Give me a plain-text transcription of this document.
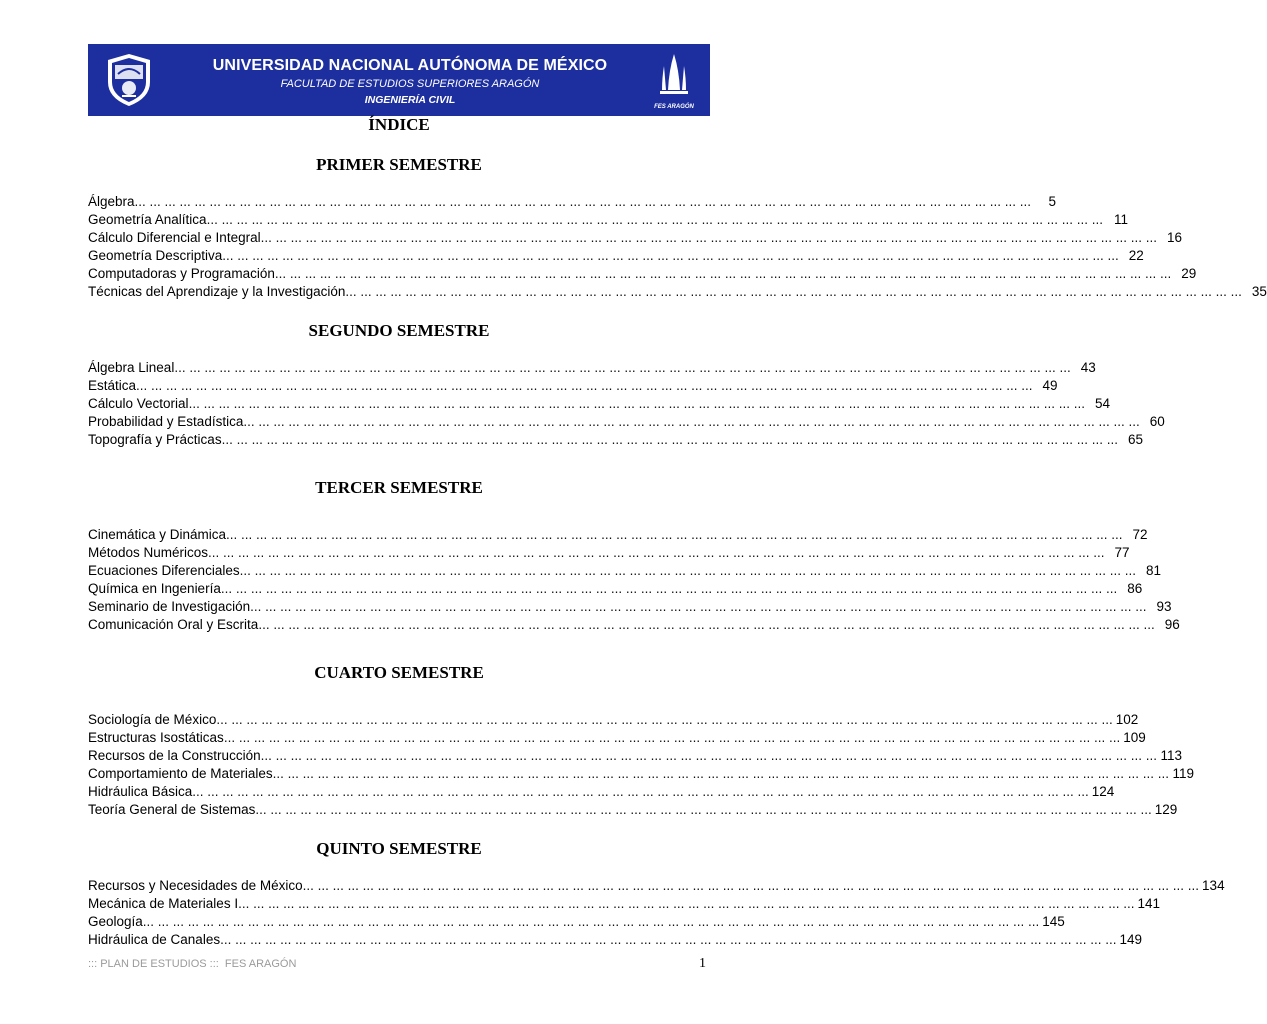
UNIVERSIDAD NACIONAL AUTÓNOMA DE MÉXICO
FACULTAD DE ESTUDIOS SUPERIORES ARAGÓN
INGENIERÍA CIVIL
FES ARAGÓN
ÍNDICE
PRIMER SEMESTRE
SEGUNDO SEMESTRE
TERCER SEMESTRE
CUARTO SEMESTRE
QUINTO SEMESTRE
Álgebra ... ... ... ... ... ... ... ... ... ... ... ... ... ... ... ... ... ... ... ... ... ... ... ... ... ... ... ... ... ... ... ... ... ... ... ... ... ... ... ... ... ... ... ... ... ... ... ... ... ... ... ... ... ... ... ... ... ... ... ...	5
Geometría Analítica ... ... ... ... ... ... ... ... ... ... ... ... ... ... ... ... ... ... ... ... ... ... ... ... ... ... ... ... ... ... ... ... ... ... ... ... ... ... ... ... ... ... ... ... ... ... ... ... ... ... ... ... ... ... ... ... ... ... ... ... 11
Cálculo Diferencial e Integral ... ... ... ... ... ... ... ... ... ... ... ... ... ... ... ... ... ... ... ... ... ... ... ... ... ... ... ... ... ... ... ... ... ... ... ... ... ... ... ... ... ... ... ... ... ... ... ... ... ... ... ... ... ... ... ... ... ... ... ... 16
Geometría Descriptiva ... ... ... ... ... ... ... ... ... ... ... ... ... ... ... ... ... ... ... ... ... ... ... ... ... ... ... ... ... ... ... ... ... ... ... ... ... ... ... ... ... ... ... ... ... ... ... ... ... ... ... ... ... ... ... ... ... ... ... ... 22
Computadoras y Programación ... ... ... ... ... ... ... ... ... ... ... ... ... ... ... ... ... ... ... ... ... ... ... ... ... ... ... ... ... ... ... ... ... ... ... ... ... ... ... ... ... ... ... ... ... ... ... ... ... ... ... ... ... ... ... ... ... ... ... ... 29
Técnicas del Aprendizaje y la Investigación ... ... ... ... ... ... ... ... ... ... ... ... ... ... ... ... ... ... ... ... ... ... ... ... ... ... ... ... ... ... ... ... ... ... ... ... ... ... ... ... ... ... ... ... ... ... ... ... ... ... ... ... ... ... ... ... ... ... ... ... 35
Álgebra Lineal ... ... ... ... ... ... ... ... ... ... ... ... ... ... ... ... ... ... ... ... ... ... ... ... ... ... ... ... ... ... ... ... ... ... ... ... ... ... ... ... ... ... ... ... ... ... ... ... ... ... ... ... ... ... ... ... ... ... ... ... 43
Estática ... ... ... ... ... ... ... ... ... ... ... ... ... ... ... ... ... ... ... ... ... ... ... ... ... ... ... ... ... ... ... ... ... ... ... ... ... ... ... ... ... ... ... ... ... ... ... ... ... ... ... ... ... ... ... ... ... ... ... ... 49
Cálculo Vectorial ... ... ... ... ... ... ... ... ... ... ... ... ... ... ... ... ... ... ... ... ... ... ... ... ... ... ... ... ... ... ... ... ... ... ... ... ... ... ... ... ... ... ... ... ... ... ... ... ... ... ... ... ... ... ... ... ... ... ... ... 54
Probabilidad y Estadística ... ... ... ... ... ... ... ... ... ... ... ... ... ... ... ... ... ... ... ... ... ... ... ... ... ... ... ... ... ... ... ... ... ... ... ... ... ... ... ... ... ... ... ... ... ... ... ... ... ... ... ... ... ... ... ... ... ... ... ... 60
Topografía y Prácticas ... ... ... ... ... ... ... ... ... ... ... ... ... ... ... ... ... ... ... ... ... ... ... ... ... ... ... ... ... ... ... ... ... ... ... ... ... ... ... ... ... ... ... ... ... ... ... ... ... ... ... ... ... ... ... ... ... ... ... ... 65
Cinemática y Dinámica ... ... ... ... ... ... ... ... ... ... ... ... ... ... ... ... ... ... ... ... ... ... ... ... ... ... ... ... ... ... ... ... ... ... ... ... ... ... ... ... ... ... ... ... ... ... ... ... ... ... ... ... ... ... ... ... ... ... ... ... 72
Métodos Numéricos ... ... ... ... ... ... ... ... ... ... ... ... ... ... ... ... ... ... ... ... ... ... ... ... ... ... ... ... ... ... ... ... ... ... ... ... ... ... ... ... ... ... ... ... ... ... ... ... ... ... ... ... ... ... ... ... ... ... ... ... 77
Ecuaciones Diferenciales ... ... ... ... ... ... ... ... ... ... ... ... ... ... ... ... ... ... ... ... ... ... ... ... ... ... ... ... ... ... ... ... ... ... ... ... ... ... ... ... ... ... ... ... ... ... ... ... ... ... ... ... ... ... ... ... ... ... ... ... 81
Química en Ingeniería ... ... ... ... ... ... ... ... ... ... ... ... ... ... ... ... ... ... ... ... ... ... ... ... ... ... ... ... ... ... ... ... ... ... ... ... ... ... ... ... ... ... ... ... ... ... ... ... ... ... ... ... ... ... ... ... ... ... ... ... 86
Seminario de Investigación ... ... ... ... ... ... ... ... ... ... ... ... ... ... ... ... ... ... ... ... ... ... ... ... ... ... ... ... ... ... ... ... ... ... ... ... ... ... ... ... ... ... ... ... ... ... ... ... ... ... ... ... ... ... ... ... ... ... ... ... 93
Comunicación Oral y Escrita ... ... ... ... ... ... ... ... ... ... ... ... ... ... ... ... ... ... ... ... ... ... ... ... ... ... ... ... ... ... ... ... ... ... ... ... ... ... ... ... ... ... ... ... ... ... ... ... ... ... ... ... ... ... ... ... ... ... ... ... 96
Sociología de México ... ... ... ... ... ... ... ... ... ... ... ... ... ... ... ... ... ... ... ... ... ... ... ... ... ... ... ... ... ... ... ... ... ... ... ... ... ... ... ... ... ... ... ... ... ... ... ... ... ... ... ... ... ... ... ... ... ... ... ... 102
Estructuras Isostáticas ... ... ... ... ... ... ... ... ... ... ... ... ... ... ... ... ... ... ... ... ... ... ... ... ... ... ... ... ... ... ... ... ... ... ... ... ... ... ... ... ... ... ... ... ... ... ... ... ... ... ... ... ... ... ... ... ... ... ... ... 109
Recursos de la Construcción ... ... ... ... ... ... ... ... ... ... ... ... ... ... ... ... ... ... ... ... ... ... ... ... ... ... ... ... ... ... ... ... ... ... ... ... ... ... ... ... ... ... ... ... ... ... ... ... ... ... ... ... ... ... ... ... ... ... ... ... 113
Comportamiento de Materiales ... ... ... ... ... ... ... ... ... ... ... ... ... ... ... ... ... ... ... ... ... ... ... ... ... ... ... ... ... ... ... ... ... ... ... ... ... ... ... ... ... ... ... ... ... ... ... ... ... ... ... ... ... ... ... ... ... ... ... ... 119
Hidráulica Básica ... ... ... ... ... ... ... ... ... ... ... ... ... ... ... ... ... ... ... ... ... ... ... ... ... ... ... ... ... ... ... ... ... ... ... ... ... ... ... ... ... ... ... ... ... ... ... ... ... ... ... ... ... ... ... ... ... ... ... ... 124
Teoría General de Sistemas ... ... ... ... ... ... ... ... ... ... ... ... ... ... ... ... ... ... ... ... ... ... ... ... ... ... ... ... ... ... ... ... ... ... ... ... ... ... ... ... ... ... ... ... ... ... ... ... ... ... ... ... ... ... ... ... ... ... ... ... 129
Recursos y Necesidades de México ... ... ... ... ... ... ... ... ... ... ... ... ... ... ... ... ... ... ... ... ... ... ... ... ... ... ... ... ... ... ... ... ... ... ... ... ... ... ... ... ... ... ... ... ... ... ... ... ... ... ... ... ... ... ... ... ... ... ... ... 134
Mecánica de Materiales I ... ... ... ... ... ... ... ... ... ... ... ... ... ... ... ... ... ... ... ... ... ... ... ... ... ... ... ... ... ... ... ... ... ... ... ... ... ... ... ... ... ... ... ... ... ... ... ... ... ... ... ... ... ... ... ... ... ... ... ... 141
Geología ... ... ... ... ... ... ... ... ... ... ... ... ... ... ... ... ... ... ... ... ... ... ... ... ... ... ... ... ... ... ... ... ... ... ... ... ... ... ... ... ... ... ... ... ... ... ... ... ... ... ... ... ... ... ... ... ... ... ... ... 145
Hidráulica de Canales ... ... ... ... ... ... ... ... ... ... ... ... ... ... ... ... ... ... ... ... ... ... ... ... ... ... ... ... ... ... ... ... ... ... ... ... ... ... ... ... ... ... ... ... ... ... ... ... ... ... ... ... ... ... ... ... ... ... ... ... 149
::: PLAN DE ESTUDIOS :::  FES ARAGÓN	1
